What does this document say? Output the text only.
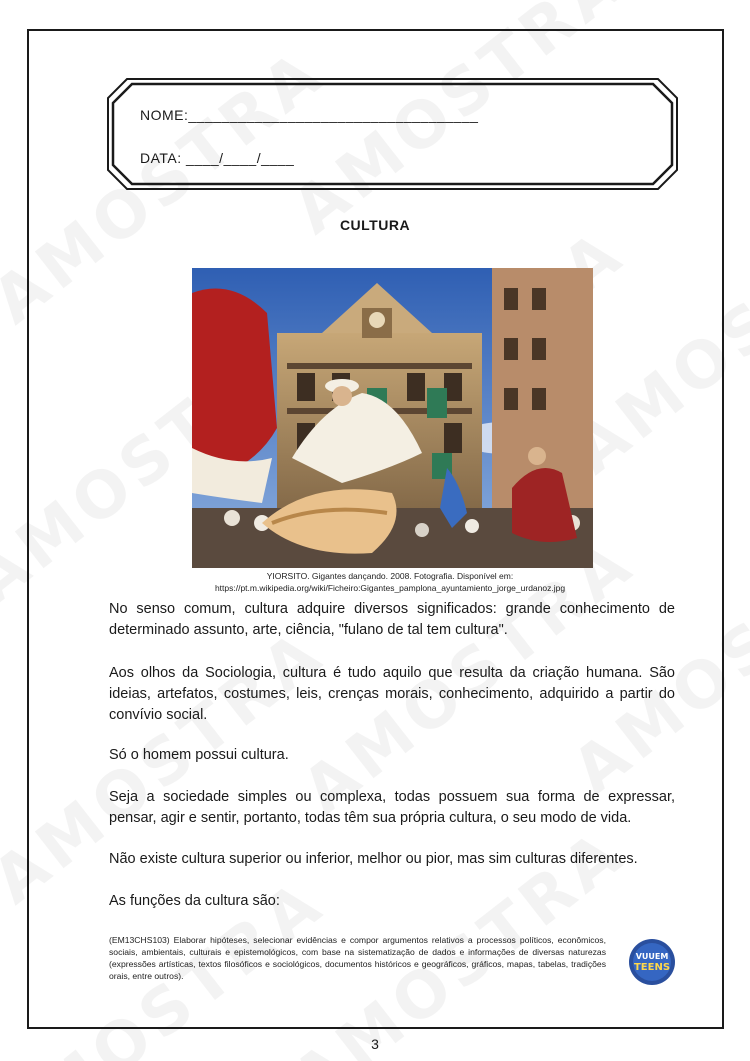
NOME:___________________________________
DATA: ____/____/____
CULTURA
YIORSITO. Gigantes dançando. 2008. Fotografia. Disponível em:
https://pt.m.wikipedia.org/wiki/Ficheiro:Gigantes_pamplona_ayuntamiento_jorge_urdanoz.jpg
No senso comum, cultura adquire diversos significados: grande conhecimento de determinado assunto, arte, ciência, "fulano de tal tem cultura".
Aos olhos da Sociologia, cultura é tudo aquilo que resulta da criação humana. São ideias, artefatos, costumes, leis, crenças morais, conhecimento, adquirido a partir do convívio social.
Só o homem possui cultura.
Seja a sociedade simples ou complexa, todas possuem sua forma de expressar, pensar, agir e sentir, portanto, todas têm sua própria cultura, o seu modo de vida.
Não existe cultura superior ou inferior, melhor ou pior, mas sim culturas diferentes.
As funções da cultura são:
(EM13CHS103) Elaborar hipóteses, selecionar evidências e compor argumentos relativos a processos políticos, econômicos, sociais, ambientais, culturais e epistemológicos, com base na sistematização de dados e informações de diversas naturezas (expressões artísticas, textos filosóficos e sociológicos, documentos históricos e geográficos, gráficos, mapas, tabelas, tradições orais, entre outros).
VUUEM
TEENS
3
